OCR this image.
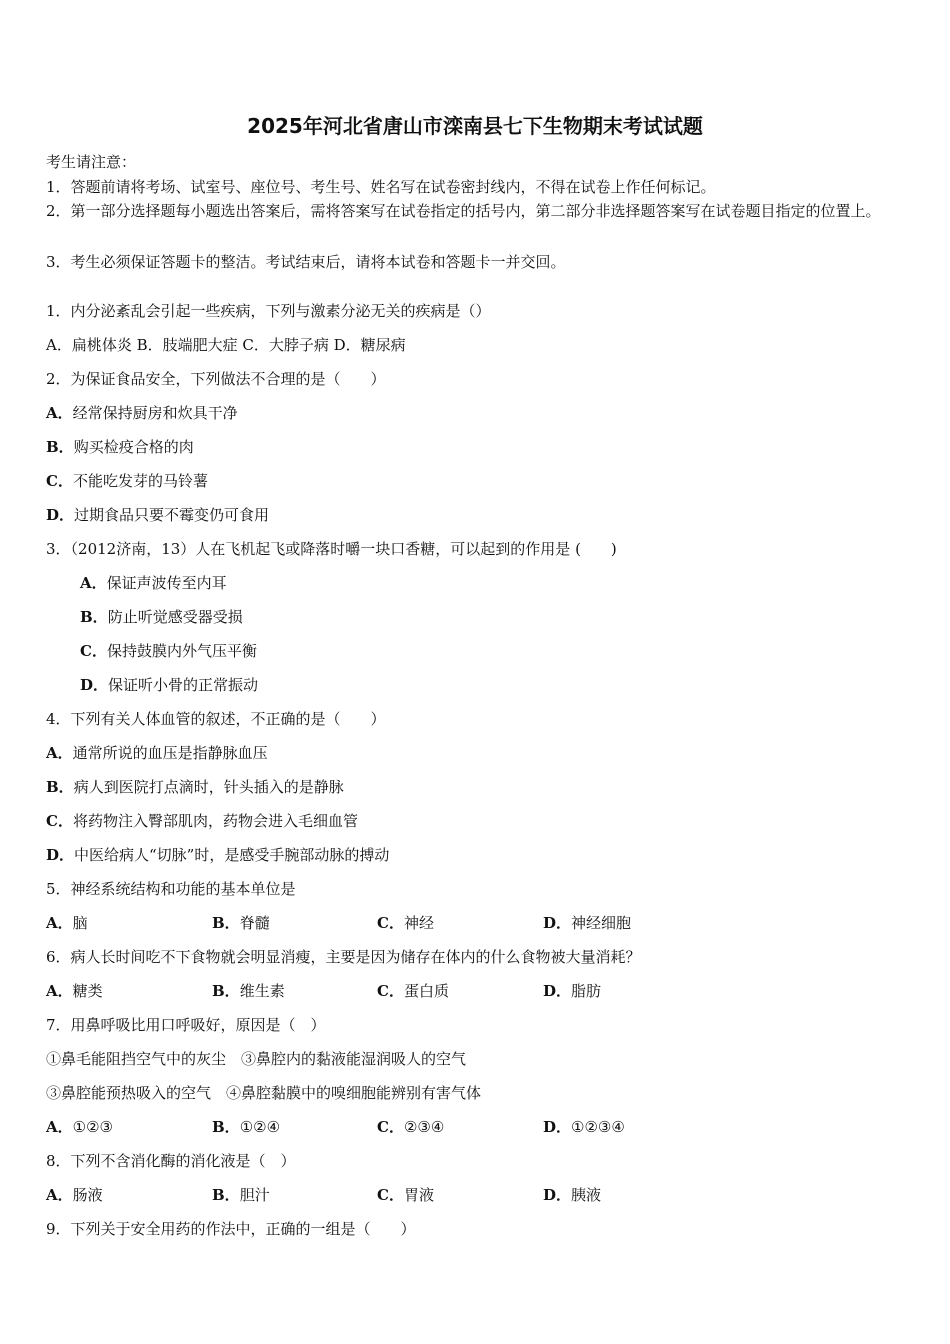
2025年河北省唐山市滦南县七下生物期末考试试题
考生请注意：
1．答题前请将考场、试室号、座位号、考生号、姓名写在试卷密封线内，不得在试卷上作任何标记。
2．第一部分选择题每小题选出答案后，需将答案写在试卷指定的括号内，第二部分非选择题答案写在试卷题目指定的位置上。
3．考生必须保证答题卡的整洁。考试结束后，请将本试卷和答题卡一并交回。
1．内分泌紊乱会引起一些疾病，下列与激素分泌无关的疾病是（）
A．扁桃体炎 B．肢端肥大症 C．大脖子病 D．糖尿病
2．为保证食品安全，下列做法不合理的是（　　）
A．经常保持厨房和炊具干净
B．购买检疫合格的肉
C．不能吃发芽的马铃薯
D．过期食品只要不霉变仍可食用
3．（2012济南，13）人在飞机起飞或降落时嚼一块口香糖，可以起到的作用是 (　　)
A．保证声波传至内耳
B．防止听觉感受器受损
C．保持鼓膜内外气压平衡
D．保证听小骨的正常振动
4．下列有关人体血管的叙述，不正确的是（　　）
A．通常所说的血压是指静脉血压
B．病人到医院打点滴时，针头插入的是静脉
C．将药物注入臀部肌肉，药物会进入毛细血管
D．中医给病人“切脉”时，是感受手腕部动脉的搏动
5．神经系统结构和功能的基本单位是
A．脑	B．脊髓	C．神经	D．神经细胞
6．病人长时间吃不下食物就会明显消瘦，主要是因为储存在体内的什么食物被大量消耗？
A．糖类	B．维生素	C．蛋白质	D．脂肪
7．用鼻呼吸比用口呼吸好，原因是（　）
①鼻毛能阻挡空气中的灰尘　③鼻腔内的黏液能湿润吸人的空气
③鼻腔能预热吸入的空气　④鼻腔黏膜中的嗅细胞能辨别有害气体
A．①②③	B．①②④	C．②③④	D．①②③④
8．下列不含消化酶的消化液是（　）
A．肠液	B．胆汁	C．胃液	D．胰液
9．下列关于安全用药的作法中，正确的一组是（　　）
